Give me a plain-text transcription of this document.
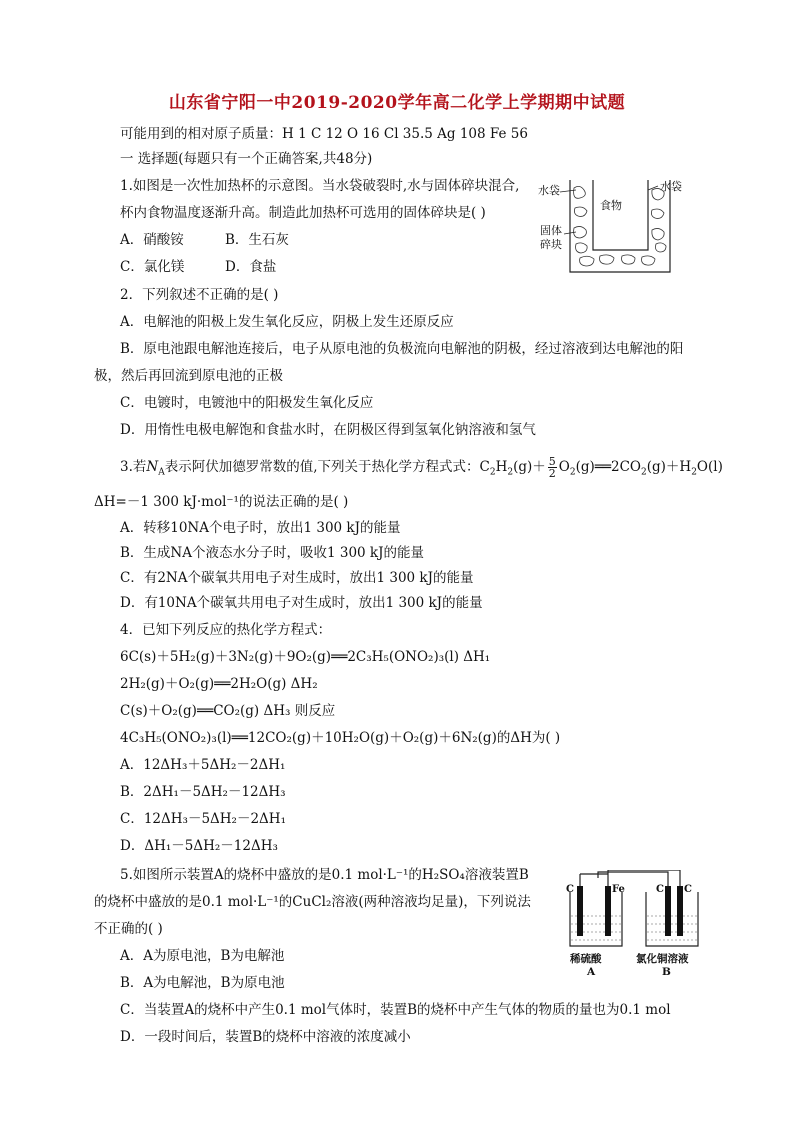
山东省宁阳一中2019-2020学年高二化学上学期期中试题
可能用到的相对原子质量：H 1 C 12 O 16 Cl 35.5 Ag 108 Fe 56
一 选择题(每题只有一个正确答案,共48分)
1.如图是一次性加热杯的示意图。当水袋破裂时,水与固体碎块混合,
杯内食物温度逐渐升高。制造此加热杯可选用的固体碎块是( )
A．硝酸铵	B．生石灰
C．氯化镁	D．食盐
水袋	水袋
食物
固体
碎块
2．下列叙述不正确的是( )
A．电解池的阳极上发生氧化反应，阴极上发生还原反应
B．原电池跟电解池连接后，电子从原电池的负极流向电解池的阴极，经过溶液到达电解池的阳
极，然后再回流到原电池的正极
C．电镀时，电镀池中的阳极发生氧化反应
D．用惰性电极电解饱和食盐水时，在阴极区得到氢氧化钠溶液和氢气
3.若$N_A$表示阿伏加德罗常数的值,下列关于热化学方程式式：$C_2H_2(g)+ \frac{5}{2}$ $O_2(g)══2CO_2(g)+H_2O(l)$
ΔH=－1 300 kJ·mol⁻¹的说法正确的是( )
A．转移10NA个电子时，放出1 300 kJ的能量
B．生成NA个液态水分子时，吸收1 300 kJ的能量
C．有2NA个碳氧共用电子对生成时，放出1 300 kJ的能量
D．有10NA个碳氧共用电子对生成时，放出1 300 kJ的能量
4．已知下列反应的热化学方程式：
6C(s)＋5H₂(g)＋3N₂(g)＋9O₂(g)══2C₃H₅(ONO₂)₃(l) ΔH₁
2H₂(g)＋O₂(g)══2H₂O(g) ΔH₂
C(s)＋O₂(g)══CO₂(g) ΔH₃ 则反应
4C₃H₅(ONO₂)₃(l)══12CO₂(g)＋10H₂O(g)＋O₂(g)＋6N₂(g)的ΔH为( )
A．12ΔH₃＋5ΔH₂－2ΔH₁
B．2ΔH₁－5ΔH₂－12ΔH₃
C．12ΔH₃－5ΔH₂－2ΔH₁
D．ΔH₁－5ΔH₂－12ΔH₃
5.如图所示装置A的烧杯中盛放的是0.1 mol·L⁻¹的H₂SO₄溶液装置B
的烧杯中盛放的是0.1 mol·L⁻¹的CuCl₂溶液(两种溶液均足量)，下列说法
不正确的( )
A．A为原电池，B为电解池
B．A为电解池，B为原电池
C．当装置A的烧杯中产生0.1 mol气体时，装置B的烧杯中产生气体的物质的量也为0.1 mol
D．一段时间后，装置B的烧杯中溶液的浓度减小
C	Fe	C C
稀硫酸
A
氯化铜溶液
B
